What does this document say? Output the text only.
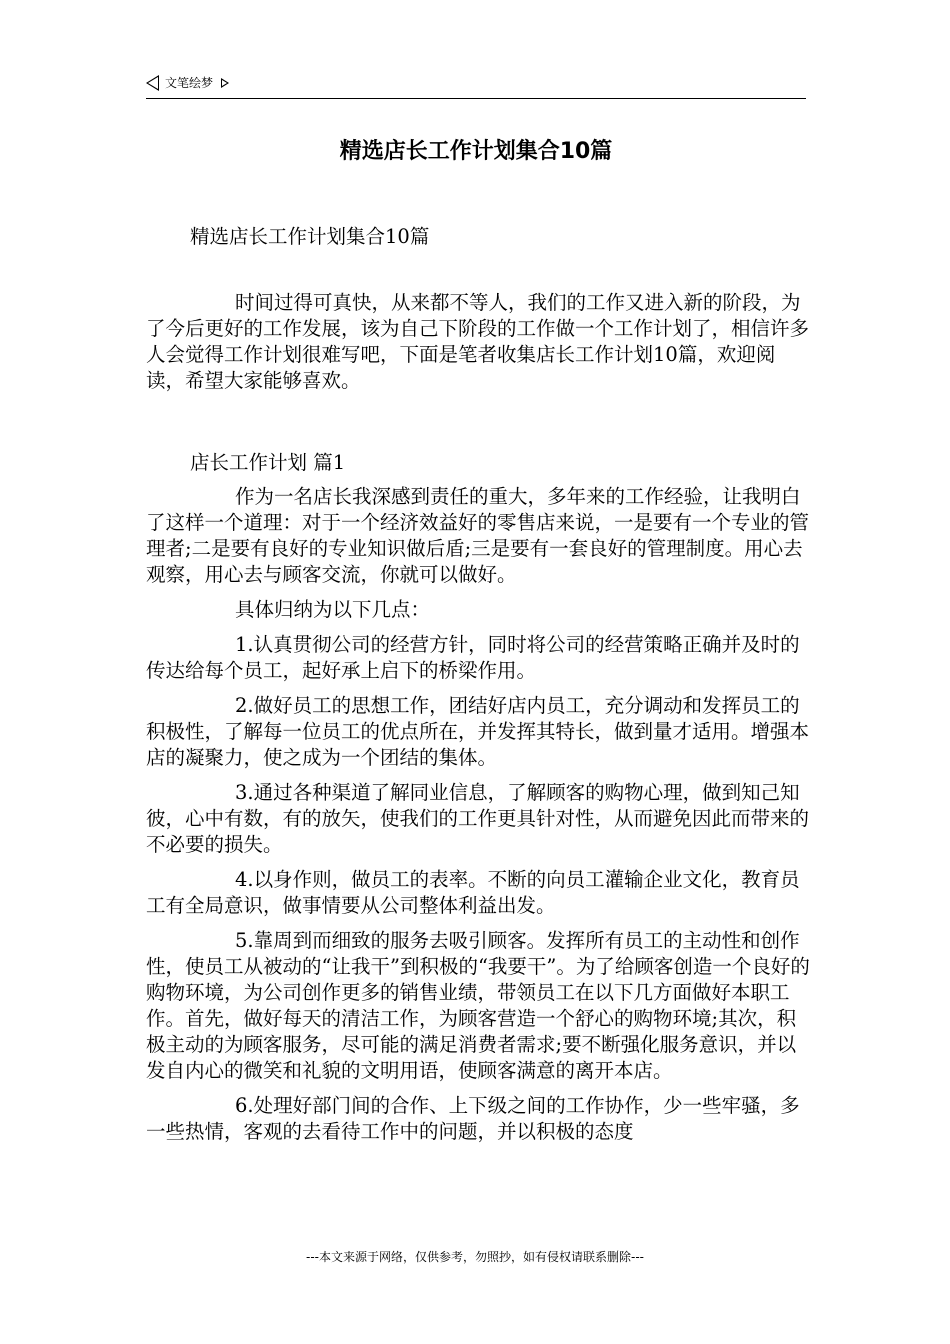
文笔绘梦
精选店长工作计划集合10篇

精选店长工作计划集合10篇

时间过得可真快，从来都不等人，我们的工作又进入新的阶段，为了今后更好的工作发展，该为自己下阶段的工作做一个工作计划了，相信许多人会觉得工作计划很难写吧，下面是笔者收集店长工作计划10篇，欢迎阅读，希望大家能够喜欢。

店长工作计划 篇1

作为一名店长我深感到责任的重大，多年来的工作经验，让我明白了这样一个道理：对于一个经济效益好的零售店来说，一是要有一个专业的管理者;二是要有良好的专业知识做后盾;三是要有一套良好的管理制度。用心去观察，用心去与顾客交流，你就可以做好。

具体归纳为以下几点：

1.认真贯彻公司的经营方针，同时将公司的经营策略正确并及时的传达给每个员工，起好承上启下的桥梁作用。

2.做好员工的思想工作，团结好店内员工，充分调动和发挥员工的积极性，了解每一位员工的优点所在，并发挥其特长，做到量才适用。增强本店的凝聚力，使之成为一个团结的集体。

3.通过各种渠道了解同业信息，了解顾客的购物心理，做到知己知彼，心中有数，有的放矢，使我们的工作更具针对性，从而避免因此而带来的不必要的损失。

4.以身作则，做员工的表率。不断的向员工灌输企业文化，教育员工有全局意识，做事情要从公司整体利益出发。

5.靠周到而细致的服务去吸引顾客。发挥所有员工的主动性和创作性，使员工从被动的“让我干”到积极的“我要干”。为了给顾客创造一个良好的购物环境，为公司创作更多的销售业绩，带领员工在以下几方面做好本职工作。首先，做好每天的清洁工作，为顾客营造一个舒心的购物环境;其次，积极主动的为顾客服务，尽可能的满足消费者需求;要不断强化服务意识，并以发自内心的微笑和礼貌的文明用语，使顾客满意的离开本店。

6.处理好部门间的合作、上下级之间的工作协作，少一些牢骚，多一些热情，客观的去看待工作中的问题，并以积极的态度

---本文来源于网络，仅供参考，勿照抄，如有侵权请联系删除---
